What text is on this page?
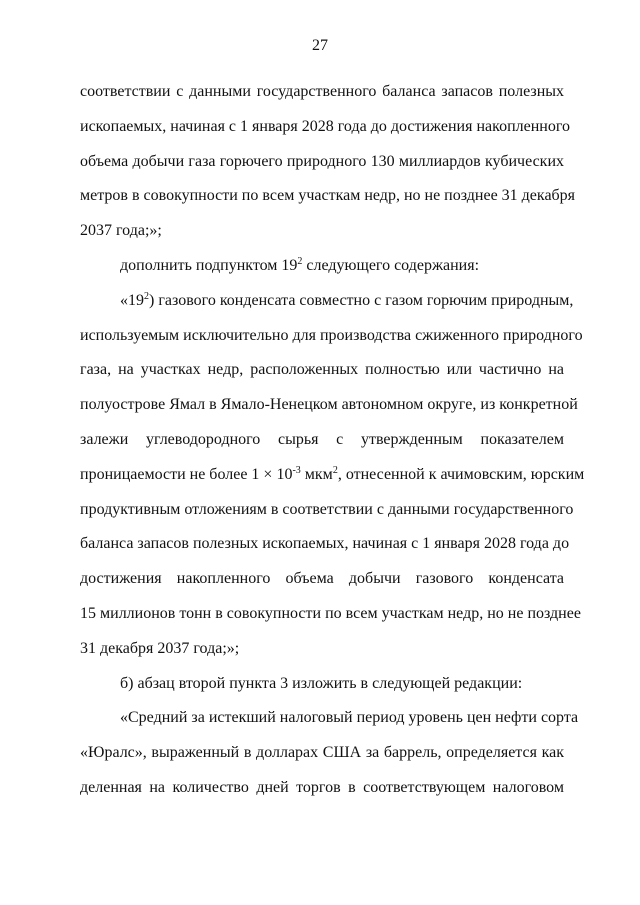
27

соответствии с данными государственного баланса запасов полезных
ископаемых, начиная с 1 января 2028 года до достижения накопленного
объема добычи газа горючего природного 130 миллиардов кубических
метров в совокупности по всем участкам недр, но не позднее 31 декабря
2037 года;»;

дополнить подпунктом $19^2$ следующего содержания:

«$19^2$) газового конденсата совместно с газом горючим природным,
используемым исключительно для производства сжиженного природного
газа, на участках недр, расположенных полностью или частично на
полуострове Ямал в Ямало-Ненецком автономном округе, из конкретной
залежи углеводородного сырья с утвержденным показателем
проницаемости не более $1 \times 10^{-3}$ мкм$^2$, отнесенной к ачимовским, юрским
продуктивным отложениям в соответствии с данными государственного
баланса запасов полезных ископаемых, начиная с 1 января 2028 года до
достижения накопленного объема добычи газового конденсата
15 миллионов тонн в совокупности по всем участкам недр, но не позднее
31 декабря 2037 года;»;

б) абзац второй пункта 3 изложить в следующей редакции:

«Средний за истекший налоговый период уровень цен нефти сорта
«Юралс», выраженный в долларах США за баррель, определяется как
деленная на количество дней торгов в соответствующем налоговом
